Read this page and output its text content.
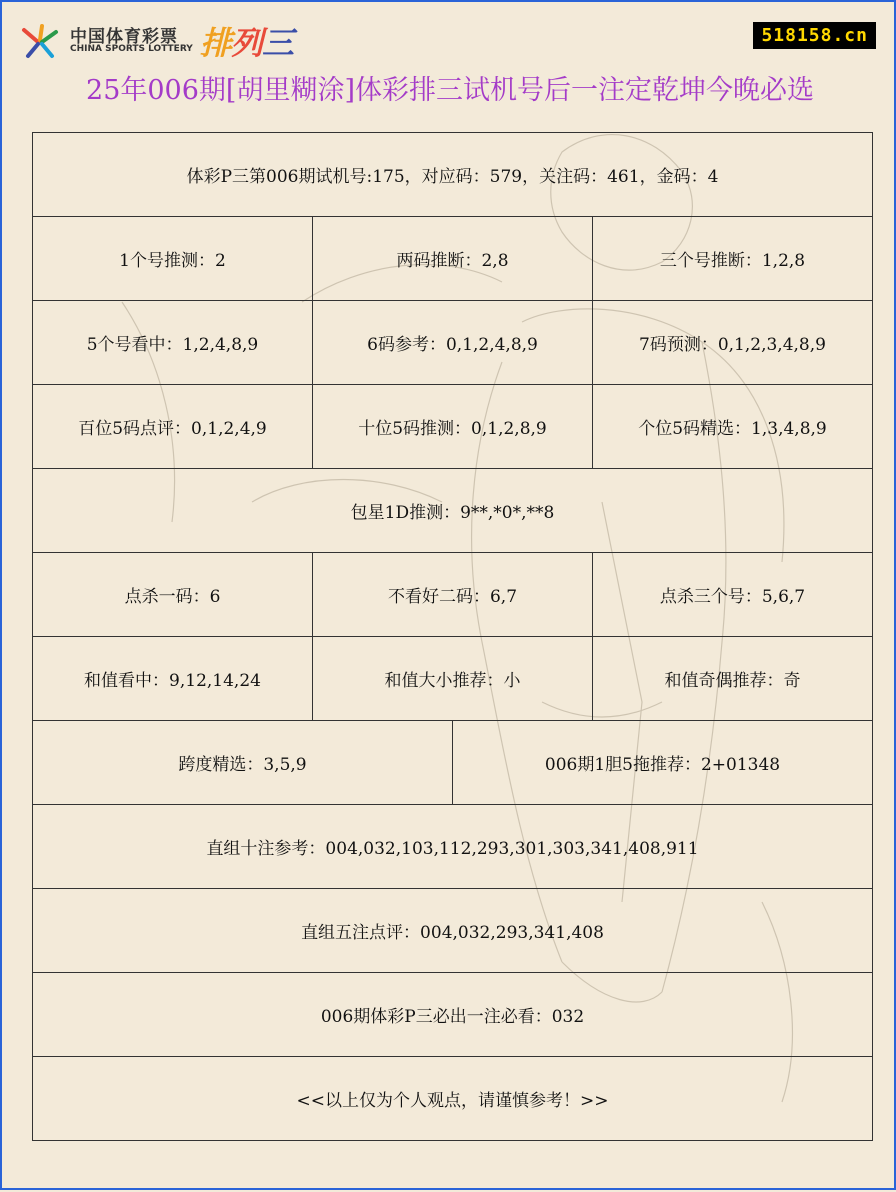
中国体育彩票
CHINA SPORTS LOTTERY 排列三	518158.cn
25年006期[胡里糊涂]体彩排三试机号后一注定乾坤今晚必选
体彩P三第006期试机号:175，对应码：579，关注码：461，金码：4
1个号推测：2	两码推断：2,8	三个号推断：1,2,8
5个号看中：1,2,4,8,9	6码参考：0,1,2,4,8,9	7码预测：0,1,2,3,4,8,9
百位5码点评：0,1,2,4,9	十位5码推测：0,1,2,8,9	个位5码精选：1,3,4,8,9
包星1D推测：9**,*0*,**8
点杀一码：6	不看好二码：6,7	点杀三个号：5,6,7
和值看中：9,12,14,24	和值大小推荐：小	和值奇偶推荐：奇
跨度精选：3,5,9	006期1胆5拖推荐：2+01348
直组十注参考：004,032,103,112,293,301,303,341,408,911
直组五注点评：004,032,293,341,408
006期体彩P三必出一注必看：032
<<以上仅为个人观点，请谨慎参考！>>
